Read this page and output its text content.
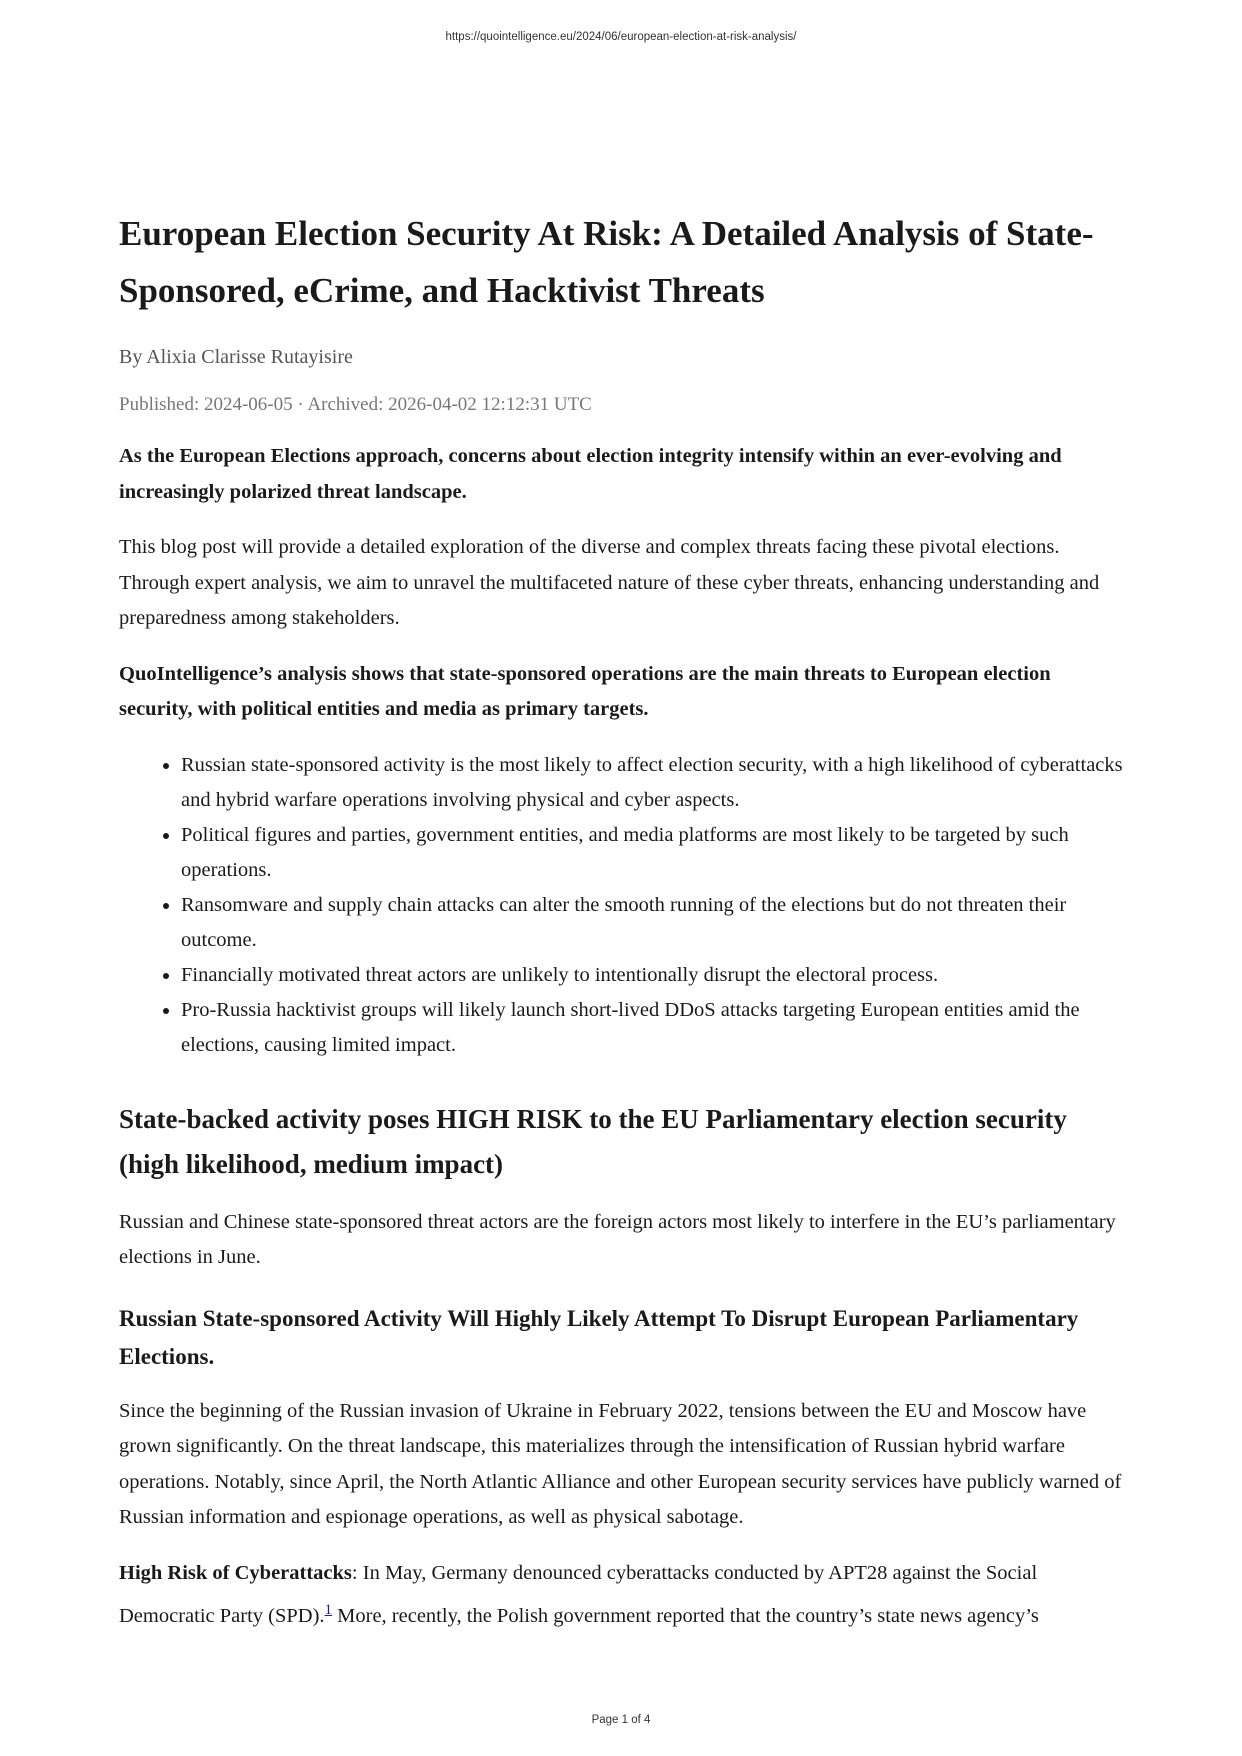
https://quointelligence.eu/2024/06/european-election-at-risk-analysis/
European Election Security At Risk: A Detailed Analysis of State-Sponsored, eCrime, and Hacktivist Threats
By Alixia Clarisse Rutayisire
Published: 2024-06-05 · Archived: 2026-04-02 12:12:31 UTC

As the European Elections approach, concerns about election integrity intensify within an ever-evolving and increasingly polarized threat landscape.

This blog post will provide a detailed exploration of the diverse and complex threats facing these pivotal elections. Through expert analysis, we aim to unravel the multifaceted nature of these cyber threats, enhancing understanding and preparedness among stakeholders.

QuoIntelligence’s analysis shows that state-sponsored operations are the main threats to European election security, with political entities and media as primary targets.

• Russian state-sponsored activity is the most likely to affect election security, with a high likelihood of cyberattacks and hybrid warfare operations involving physical and cyber aspects.
• Political figures and parties, government entities, and media platforms are most likely to be targeted by such operations.
• Ransomware and supply chain attacks can alter the smooth running of the elections but do not threaten their outcome.
• Financially motivated threat actors are unlikely to intentionally disrupt the electoral process.
• Pro-Russia hacktivist groups will likely launch short-lived DDoS attacks targeting European entities amid the elections, causing limited impact.
State-backed activity poses HIGH RISK to the EU Parliamentary election security (high likelihood, medium impact)

Russian and Chinese state-sponsored threat actors are the foreign actors most likely to interfere in the EU’s parliamentary elections in June.

Russian State-sponsored Activity Will Highly Likely Attempt To Disrupt European Parliamentary Elections.

Since the beginning of the Russian invasion of Ukraine in February 2022, tensions between the EU and Moscow have grown significantly. On the threat landscape, this materializes through the intensification of Russian hybrid warfare operations. Notably, since April, the North Atlantic Alliance and other European security services have publicly warned of Russian information and espionage operations, as well as physical sabotage.

High Risk of Cyberattacks: In May, Germany denounced cyberattacks conducted by APT28 against the Social Democratic Party (SPD).$^1$ More, recently, the Polish government reported that the country’s state news agency’s

Page 1 of 4
